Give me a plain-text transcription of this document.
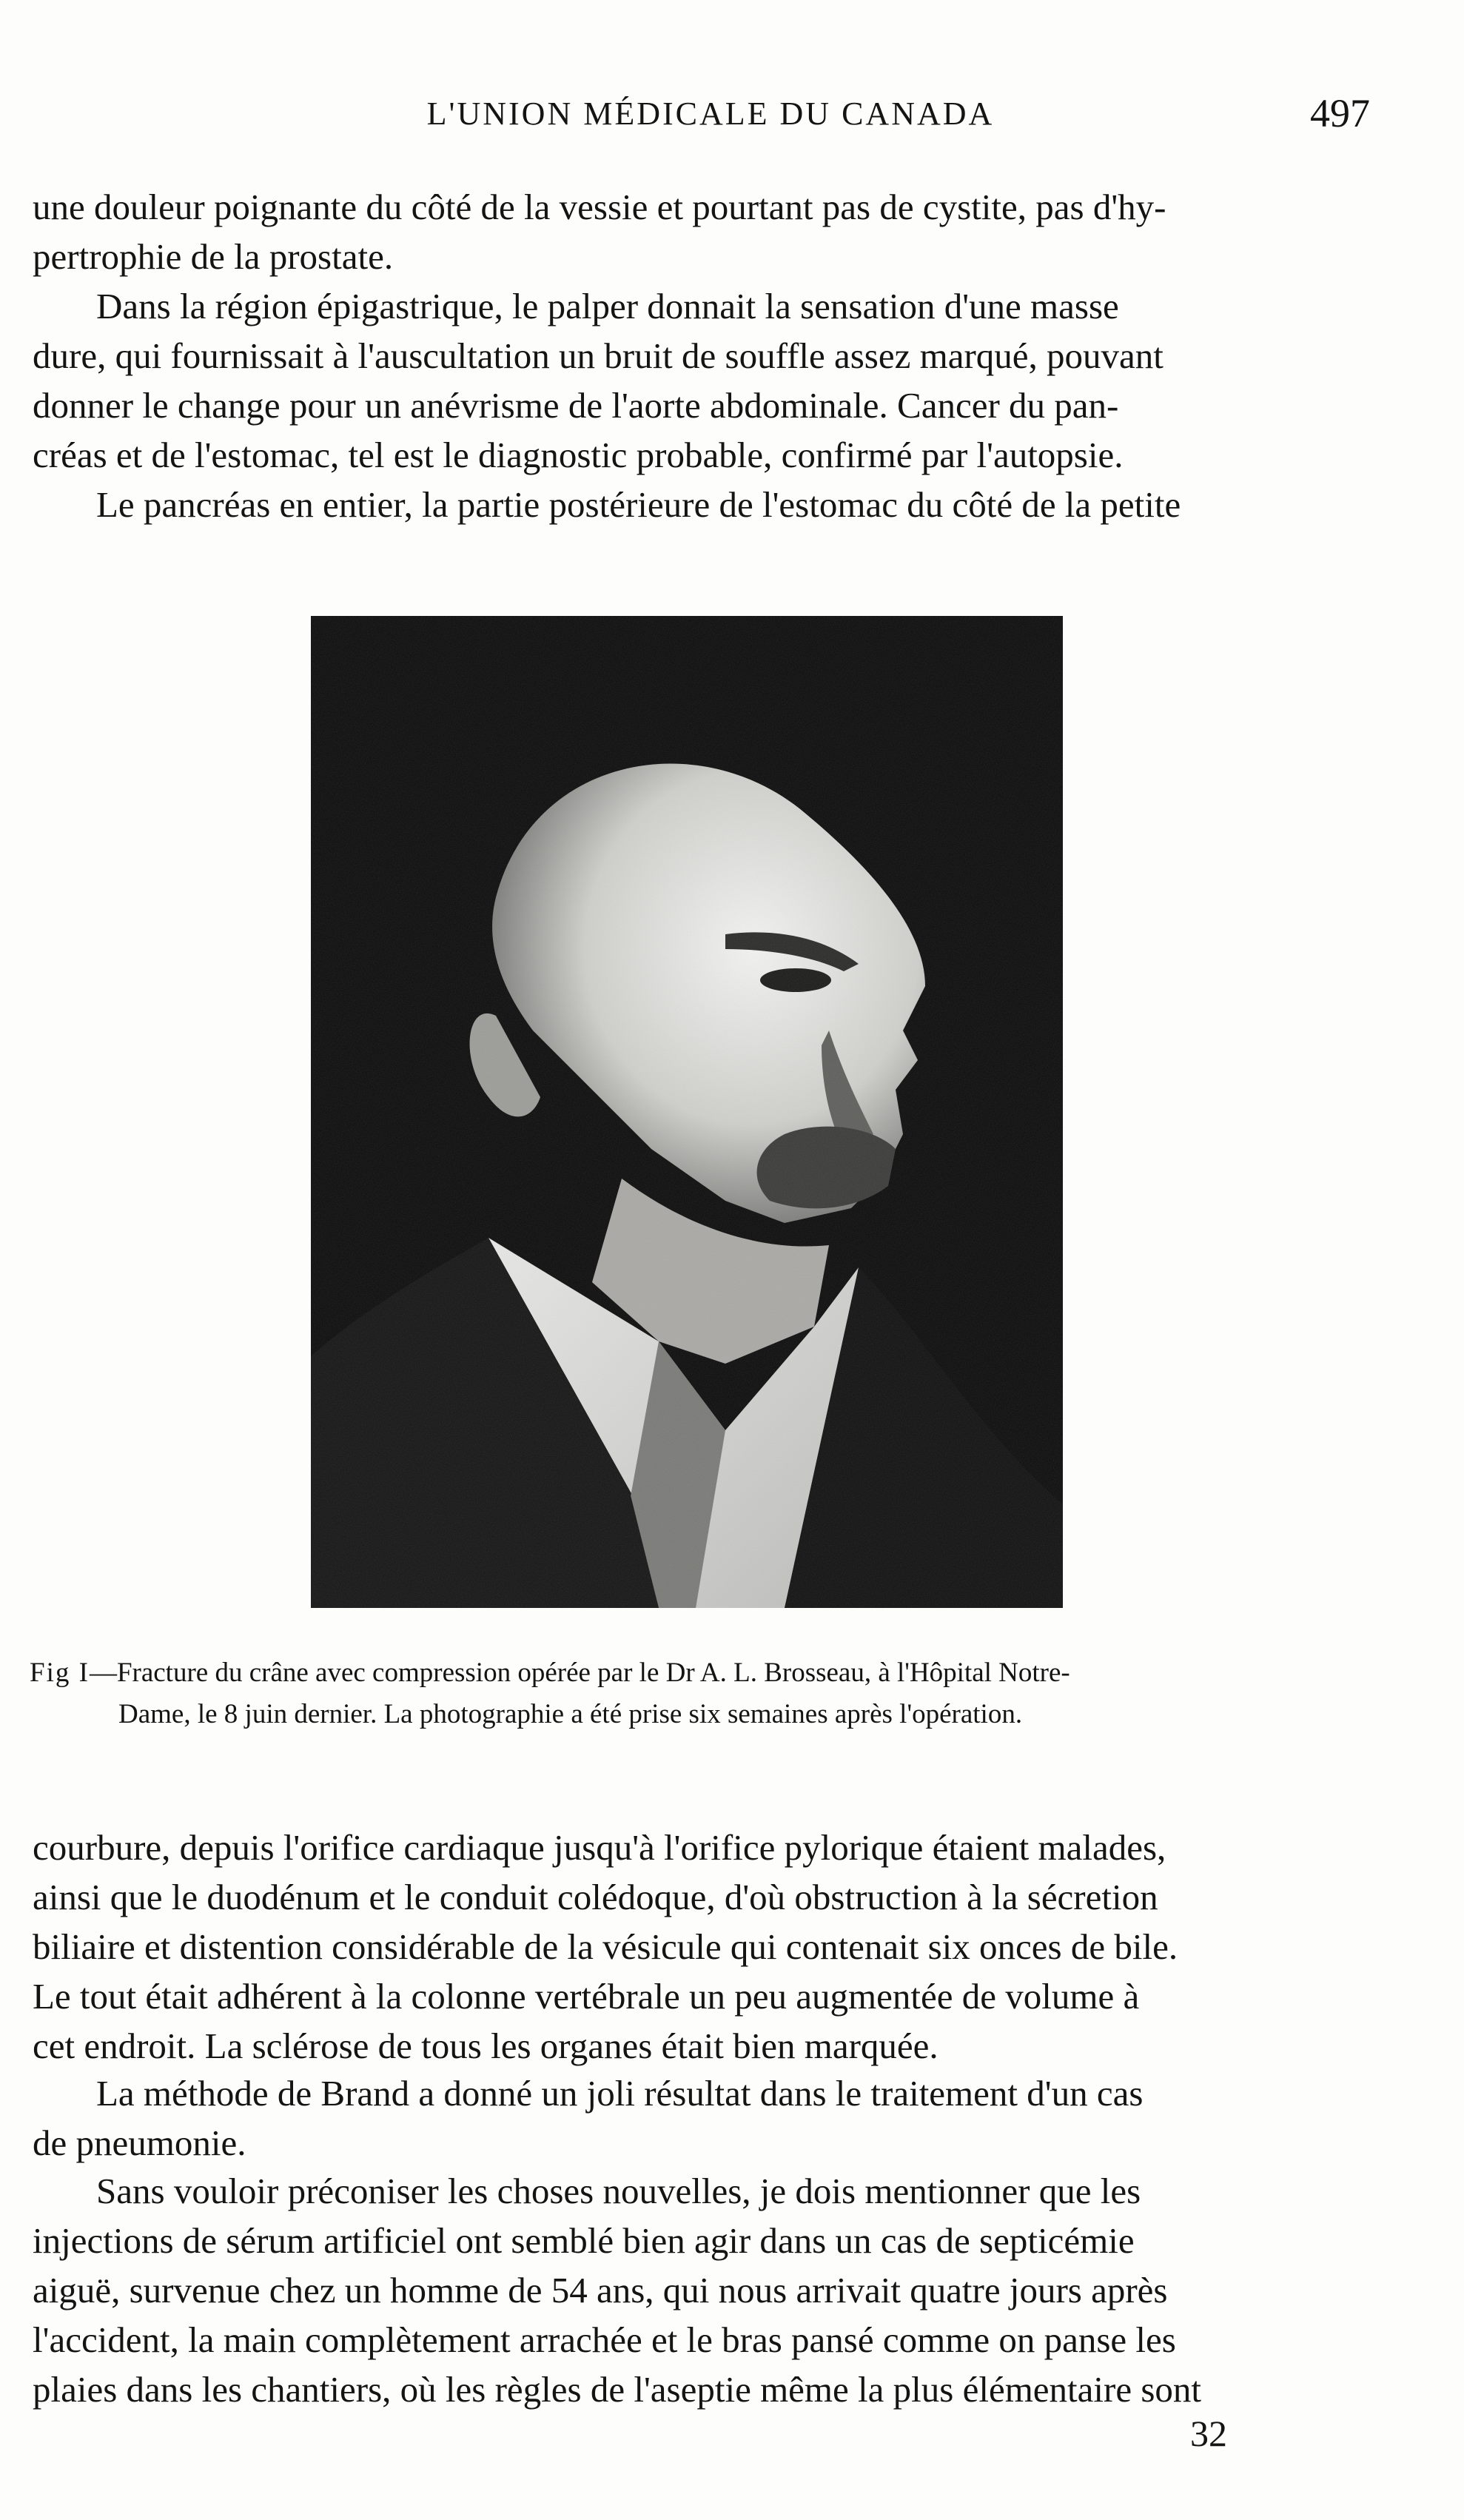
L'UNION MÉDICALE DU CANADA	497

une douleur poignante du côté de la vessie et pourtant pas de cystite, pas d'hy-
pertrophie de la prostate.

Dans la région épigastrique, le palper donnait la sensation d'une masse
dure, qui fournissait à l'auscultation un bruit de souffle assez marqué, pouvant
donner le change pour un anévrisme de l'aorte abdominale. Cancer du pan-
créas et de l'estomac, tel est le diagnostic probable, confirmé par l'autopsie.

Le pancréas en entier, la partie postérieure de l'estomac du côté de la petite

Fig I—Fracture du crâne avec compression opérée par le Dr A. L. Brosseau, à l'Hôpital Notre-
Dame, le 8 juin dernier. La photographie a été prise six semaines après l'opération.

courbure, depuis l'orifice cardiaque jusqu'à l'orifice pylorique étaient malades,
ainsi que le duodénum et le conduit colédoque, d'où obstruction à la sécretion
biliaire et distention considérable de la vésicule qui contenait six onces de bile.
Le tout était adhérent à la colonne vertébrale un peu augmentée de volume à
cet endroit. La sclérose de tous les organes était bien marquée.

La méthode de Brand a donné un joli résultat dans le traitement d'un cas
de pneumonie.

Sans vouloir préconiser les choses nouvelles, je dois mentionner que les
injections de sérum artificiel ont semblé bien agir dans un cas de septicémie
aiguë, survenue chez un homme de 54 ans, qui nous arrivait quatre jours après
l'accident, la main complètement arrachée et le bras pansé comme on panse les
plaies dans les chantiers, où les règles de l'aseptie même la plus élémentaire sont

32
